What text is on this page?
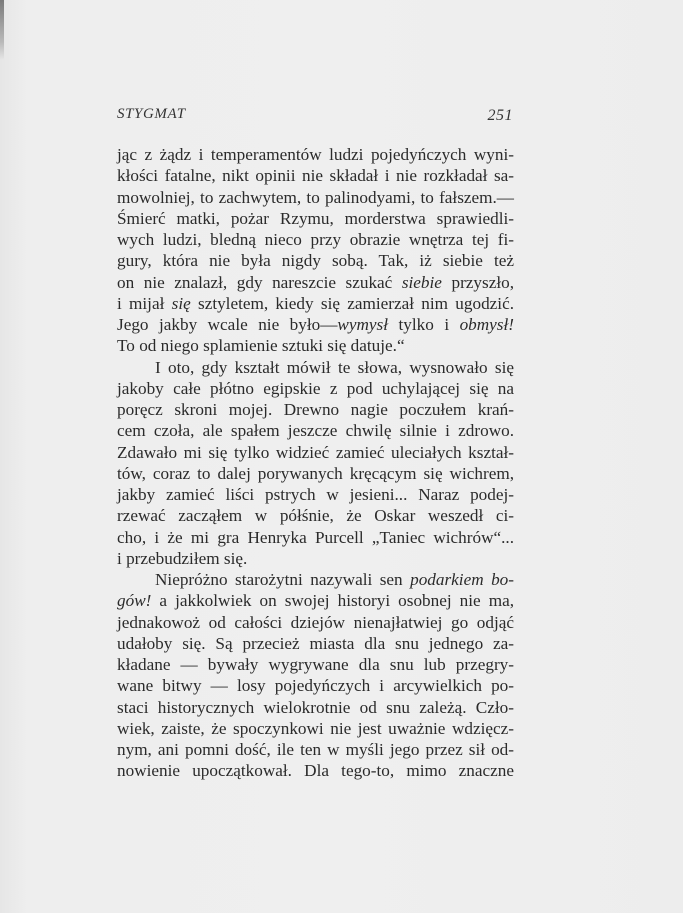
STYGMAT	251
jąc z żądz i temperamentów ludzi pojedyńczych wyni-
kłości fatalne, nikt opinii nie składał i nie rozkładał sa-
mowolniej, to zachwytem, to palinodyami, to fałszem.—
Śmierć matki, pożar Rzymu, morderstwa sprawiedli-
wych ludzi, bledną nieco przy obrazie wnętrza tej fi-
gury, która nie była nigdy sobą. Tak, iż siebie też
on nie znalazł, gdy nareszcie szukać siebie przyszło,
i mijał się sztyletem, kiedy się zamierzał nim ugodzić.
Jego jakby wcale nie było—wymysł tylko i obmysł!
To od niego splamienie sztuki się datuje.“
I oto, gdy kształt mówił te słowa, wysnowało się
jakoby całe płótno egipskie z pod uchylającej się na
poręcz skroni mojej. Drewno nagie poczułem krań-
cem czoła, ale spałem jeszcze chwilę silnie i zdrowo.
Zdawało mi się tylko widzieć zamieć uleciałych kształ-
tów, coraz to dalej porywanych kręcącym się wichrem,
jakby zamieć liści pstrych w jesieni... Naraz podej-
rzewać zacząłem w półśnie, że Oskar weszedł ci-
cho, i że mi gra Henryka Purcell „Taniec wichrów“...
i przebudziłem się.
Niepróżno starożytni nazywali sen podarkiem bo-
gów! a jakkolwiek on swojej historyi osobnej nie ma,
jednakowoż od całości dziejów nienajłatwiej go odjąć
udałoby się. Są przecież miasta dla snu jednego za-
kładane — bywały wygrywane dla snu lub przegry-
wane bitwy — losy pojedyńczych i arcywielkich po-
staci historycznych wielokrotnie od snu zależą. Czło-
wiek, zaiste, że spoczynkowi nie jest uważnie wdzięcz-
nym, ani pomni dość, ile ten w myśli jego przez sił od-
nowienie upoczątkował. Dla tego-to, mimo znaczne
